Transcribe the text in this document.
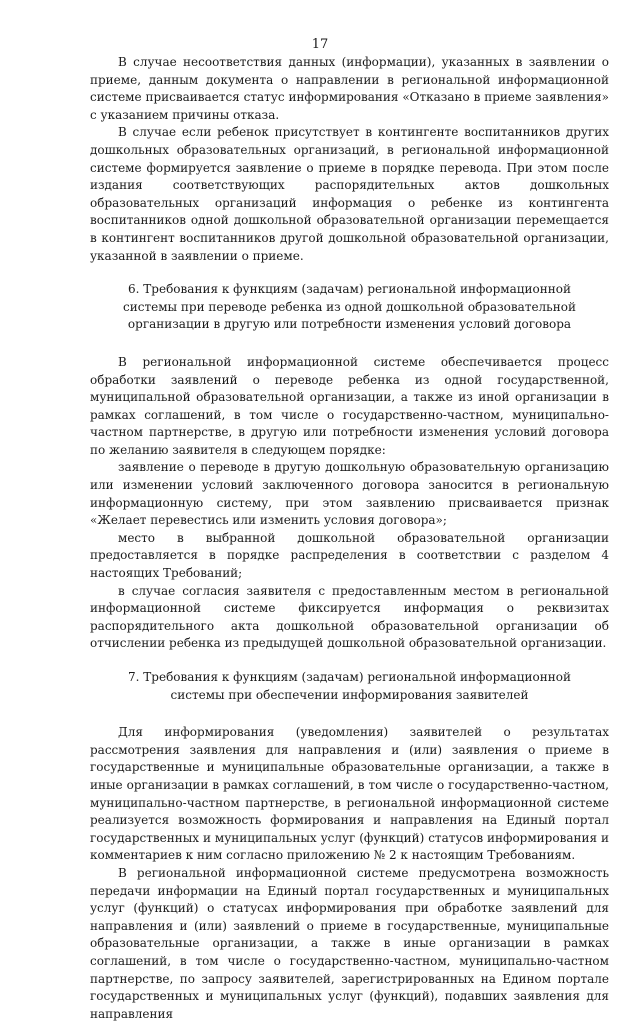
17

В случае несоответствия данных (информации), указанных в заявлении о приеме, данным документа о направлении в региональной информационной системе присваивается статус информирования «Отказано в приеме заявления» с указанием причины отказа.

В случае если ребенок присутствует в контингенте воспитанников других дошкольных образовательных организаций, в региональной информационной системе формируется заявление о приеме в порядке перевода. При этом после издания соответствующих распорядительных актов дошкольных образовательных организаций информация о ребенке из контингента воспитанников одной дошкольной образовательной организации перемещается в контингент воспитанников другой дошкольной образовательной организации, указанной в заявлении о приеме.

6. Требования к функциям (задачам) региональной информационной системы при переводе ребенка из одной дошкольной образовательной организации в другую или потребности изменения условий договора

В региональной информационной системе обеспечивается процесс обработки заявлений о переводе ребенка из одной государственной, муниципальной образовательной организации, а также из иной организации в рамках соглашений, в том числе о государственно-частном, муниципально-частном партнерстве, в другую или потребности изменения условий договора по желанию заявителя в следующем порядке:

заявление о переводе в другую дошкольную образовательную организацию или изменении условий заключенного договора заносится в региональную информационную систему, при этом заявлению присваивается признак «Желает перевестись или изменить условия договора»;

место в выбранной дошкольной образовательной организации предоставляется в порядке распределения в соответствии с разделом 4 настоящих Требований;

в случае согласия заявителя с предоставленным местом в региональной информационной системе фиксируется информация о реквизитах распорядительного акта дошкольной образовательной организации об отчислении ребенка из предыдущей дошкольной образовательной организации.

7. Требования к функциям (задачам) региональной информационной системы при обеспечении информирования заявителей

Для информирования (уведомления) заявителей о результатах рассмотрения заявления для направления и (или) заявления о приеме в государственные и муниципальные образовательные организации, а также в иные организации в рамках соглашений, в том числе о государственно-частном, муниципально-частном партнерстве, в региональной информационной системе реализуется возможность формирования и направления на Единый портал государственных и муниципальных услуг (функций) статусов информирования и комментариев к ним согласно приложению № 2 к настоящим Требованиям.

В региональной информационной системе предусмотрена возможность передачи информации на Единый портал государственных и муниципальных услуг (функций) о статусах информирования при обработке заявлений для направления и (или) заявлений о приеме в государственные, муниципальные образовательные организации, а также в иные организации в рамках соглашений, в том числе о государственно-частном, муниципально-частном партнерстве, по запросу заявителей, зарегистрированных на Едином портале государственных и муниципальных услуг (функций), подавших заявления для направления
